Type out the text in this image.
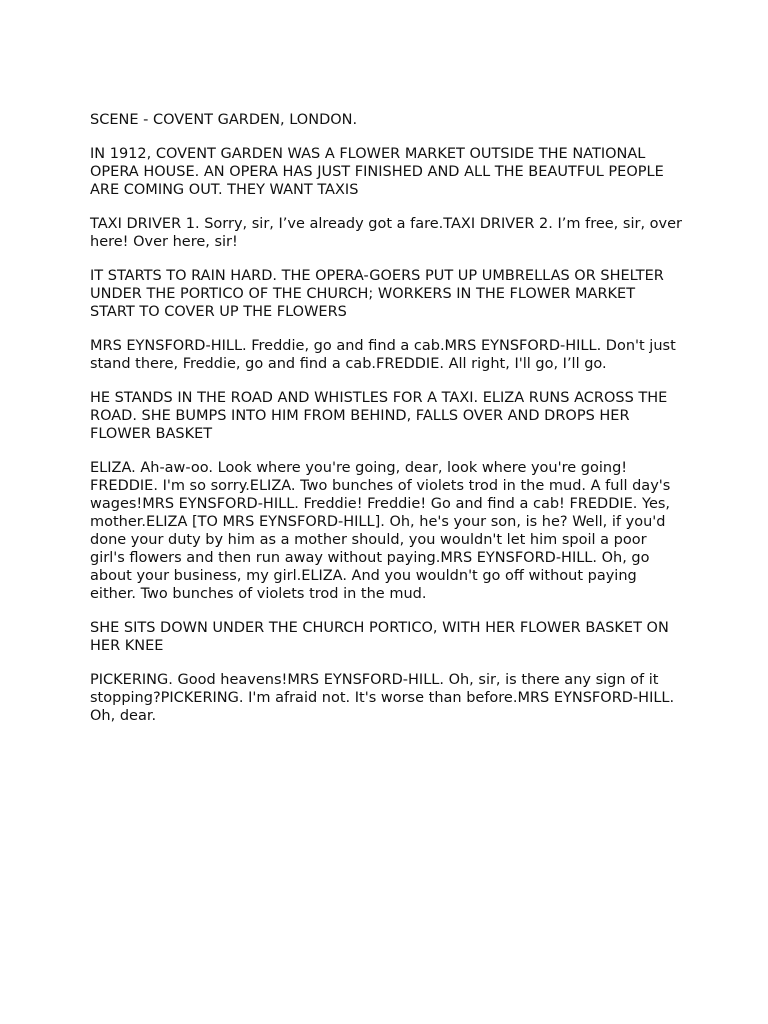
SCENE - COVENT GARDEN, LONDON.

IN 1912, COVENT GARDEN WAS A FLOWER MARKET OUTSIDE THE NATIONAL OPERA HOUSE. AN OPERA HAS JUST FINISHED AND ALL THE BEAUTFUL PEOPLE ARE COMING OUT. THEY WANT TAXIS

TAXI DRIVER 1. Sorry, sir, I’ve already got a fare.TAXI DRIVER 2. I’m free, sir, over here! Over here, sir!

IT STARTS TO RAIN HARD. THE OPERA-GOERS PUT UP UMBRELLAS OR SHELTER UNDER THE PORTICO OF THE CHURCH; WORKERS IN THE FLOWER MARKET START TO COVER UP THE FLOWERS

MRS EYNSFORD-HILL. Freddie, go and find a cab.MRS EYNSFORD-HILL. Don't just stand there, Freddie, go and find a cab.FREDDIE. All right, I'll go, I’ll go.

HE STANDS IN THE ROAD AND WHISTLES FOR A TAXI. ELIZA RUNS ACROSS THE ROAD. SHE BUMPS INTO HIM FROM BEHIND, FALLS OVER AND DROPS HER FLOWER BASKET

ELIZA. Ah-aw-oo. Look where you're going, dear, look where you're going! FREDDIE. I'm so sorry.ELIZA. Two bunches of violets trod in the mud. A full day's wages!MRS EYNSFORD-HILL. Freddie! Freddie! Go and find a cab! FREDDIE. Yes, mother.ELIZA [TO MRS EYNSFORD-HILL]. Oh, he's your son, is he? Well, if you'd done your duty by him as a mother should, you wouldn't let him spoil a poor girl's flowers and then run away without paying.MRS EYNSFORD-HILL. Oh, go about your business, my girl.ELIZA. And you wouldn't go off without paying either. Two bunches of violets trod in the mud.

SHE SITS DOWN UNDER THE CHURCH PORTICO, WITH HER FLOWER BASKET ON HER KNEE

PICKERING. Good heavens!MRS EYNSFORD-HILL. Oh, sir, is there any sign of it stopping?PICKERING. I'm afraid not. It's worse than before.MRS EYNSFORD-HILL. Oh, dear.
